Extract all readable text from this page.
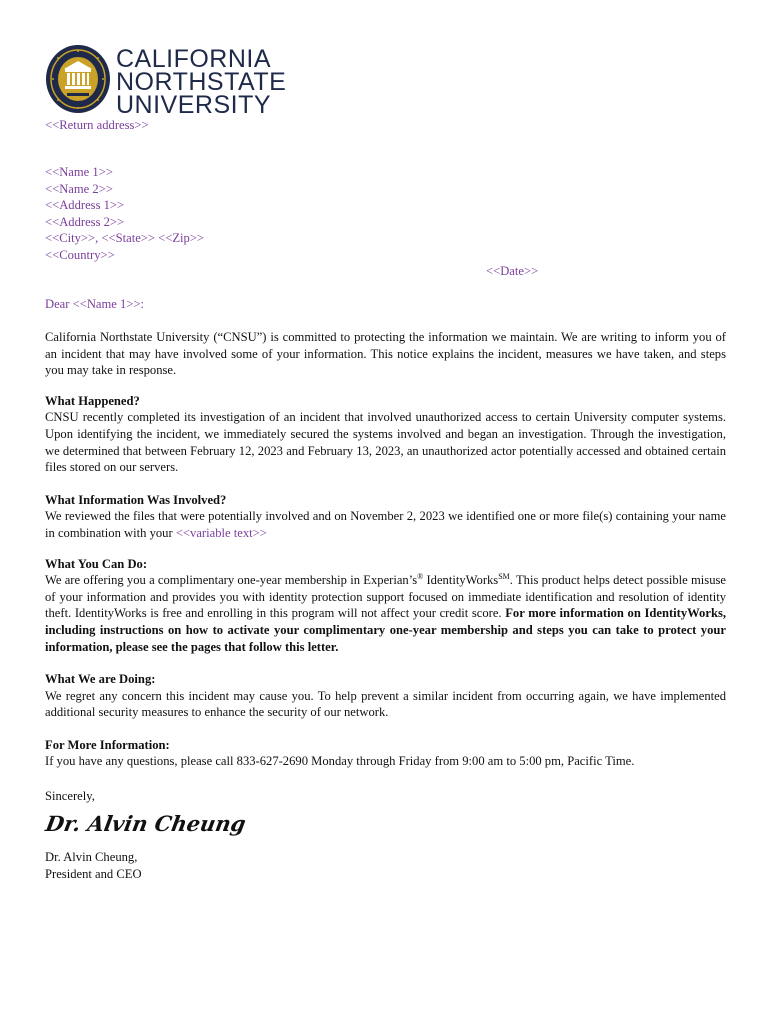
CALIFORNIA
NORTHSTATE
UNIVERSITY
<<Return address>>
<<Name 1>>
<<Name 2>>
<<Address 1>>
<<Address 2>>
<<City>>, <<State>> <<Zip>>
<<Country>>
<<Date>>
Dear <<Name 1>>:
California Northstate University (“CNSU”) is committed to protecting the information we maintain. We are writing to inform you of an incident that may have involved some of your information. This notice explains the incident, measures we have taken, and steps you may take in response.
What Happened?
CNSU recently completed its investigation of an incident that involved unauthorized access to certain University computer systems. Upon identifying the incident, we immediately secured the systems involved and began an investigation. Through the investigation, we determined that between February 12, 2023 and February 13, 2023, an unauthorized actor potentially accessed and obtained certain files stored on our servers.
What Information Was Involved?
We reviewed the files that were potentially involved and on November 2, 2023 we identified one or more file(s) containing your name in combination with your <<variable text>>
What You Can Do:
We are offering you a complimentary one-year membership in Experian’s® IdentityWorks℠. This product helps detect possible misuse of your information and provides you with identity protection support focused on immediate identification and resolution of identity theft. IdentityWorks is free and enrolling in this program will not affect your credit score. For more information on IdentityWorks, including instructions on how to activate your complimentary one-year membership and steps you can take to protect your information, please see the pages that follow this letter.
What We are Doing:
We regret any concern this incident may cause you. To help prevent a similar incident from occurring again, we have implemented additional security measures to enhance the security of our network.
For More Information:
If you have any questions, please call 833-627-2690 Monday through Friday from 9:00 am to 5:00 pm, Pacific Time.
Sincerely,
Dr. Alvin Cheung
Dr. Alvin Cheung,
President and CEO
